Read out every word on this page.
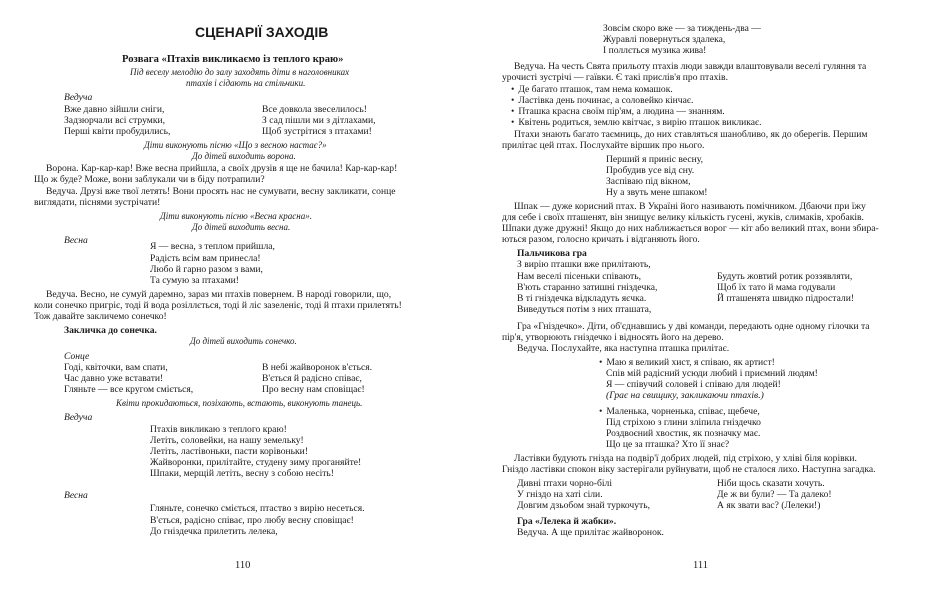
СЦЕНАРІЇ ЗАХОДІВ
Розвага «Птахів викликаємо із теплого краю»
Під веселу мелодію до залу заходять діти в наголовниках
птахів і сідають на стільчики.
Ведуча
Вже давно зійшли сніги,
Задзюрчали всі струмки,
Перші квіти пробудились,
Все довкола звеселилось!
З сад пішли ми з дітлахами,
Щоб зустрітися з птахами!
Діти виконують пісню «Що з весною настає?»
До дітей виходить ворона.
Ворона. Кар-кар-кар! Вже весна прийшла, а своїх друзів я ще не бачила! Кар-кар-кар!
Що ж буде? Може, вони заблукали чи в біду потрапили?
Ведуча. Друзі вже твої летять! Вони просять нас не сумувати, весну закликати, сонце
виглядати, піснями зустрічати!
Діти виконують пісню «Весна красна».
До дітей виходить весна.
Весна
Я — весна, з теплом прийшла,
Радість всім вам принесла!
Любо й гарно разом з вами,
Та сумую за птахами!
Ведуча. Весно, не сумуй даремно, зараз ми птахів повернем. В народі говорили, що,
коли сонечко пригріє, тоді й вода розіллється, тоді й ліс зазеленіє, тоді й птахи прилетять!
Тож давайте закличемо сонечко!
Закличка до сонечка.
До дітей виходить сонечко.
Сонце
Годі, квіточки, вам спати,
Час давно уже вставати!
Гляньте — все кругом сміється,
В небі жайворонок в'ється.
В'ється й радісно співає,
Про весну нам сповіщає!
Квіти прокидаються, позіхають, встають, виконують танець.
Ведуча
Птахів викликаю з теплого краю!
Летіть, соловейки, на нашу земельку!
Летіть, ластівоньки, пасти корівоньки!
Жайворонки, прилітайте, студену зиму проганяйте!
Шпаки, мерщій летіть, весну з собою несіть!
Весна
Гляньте, сонечко сміється, птаство з вирію несеться.
В'ється, радісно співає, про любу весну сповіщає!
До гніздечка прилетить лелека,
110
Зовсім скоро вже — за тиждень-два —
Журавлі повернуться здалека,
І поллється музика жива!
Ведуча. На честь Свята прильоту птахів люди завжди влаштовували веселі гуляння та
урочисті зустрічі — гаївки. Є такі прислів'я про птахів.
• Де багато пташок, там нема комашок.
• Ластівка день починає, а соловейко кінчає.
• Пташка красна своїм пір'ям, а людина — знанням.
• Квітень родиться, землю квітчає, з вирію пташок викликає.
Птахи знають багато таємниць, до них ставляться шанобливо, як до оберегів. Першим
прилітає цей птах. Послухайте віршик про нього.
Перший я приніс весну,
Пробудив усе від сну.
Заспіваю під вікном,
Ну а звуть мене шпаком!
Шпак — дуже корисний птах. В Україні його називають помічником. Дбаючи при їжу
для себе і своїх пташенят, він знищує велику кількість гусені, жуків, слимаків, хробаків.
Шпаки дуже дружні! Якщо до них наближається ворог — кіт або великий птах, вони збира-
ються разом, голосно кричать і відганяють його.
Пальчикова гра
З вирію пташки вже прилітають,
Нам веселі пісеньки співають,
В'ють старанно затишні гніздечка,
В ті гніздечка відкладуть яєчка.
Виведуться потім з них пташата,
Будуть жовтий ротик роззявляти,
Щоб їх тато й мама годували
Й пташенята швидко підростали!
Гра «Гніздечко». Діти, об'єднавшись у дві команди, передають одне одному гілочки та
пір'я, утворюють гніздечко і відносять його на дерево.
Ведуча. Послухайте, яка наступна пташка прилітає.
• Маю я великий хист, я співаю, як артист!
Спів мій радісний усюди любий і приємний людям!
Я — співучий соловей і співаю для людей!
(Грає на свищику, закликаючи птахів.)
• Маленька, чорненька, співає, щебече,
Під стріхою з глини зліпила гніздечко
Роздвоєний хвостик, як позначку має.
Що це за пташка? Хто її знає?
Ластівки будують гнізда на подвір'ї добрих людей, під стріхою, у хліві біля корівки.
Гніздо ластівки спокон віку застерігали руйнувати, щоб не сталося лихо. Наступна загадка.
Дивні птахи чорно-білі
У гніздо на хаті сіли.
Довгим дзьобом знай туркочуть,
Ніби щось сказати хочуть.
Де ж ви були? — Та далеко!
А як звати вас? (Лелеки!)
Гра «Лелека й жабки».
Ведуча. А ще прилітає жайворонок.
111
